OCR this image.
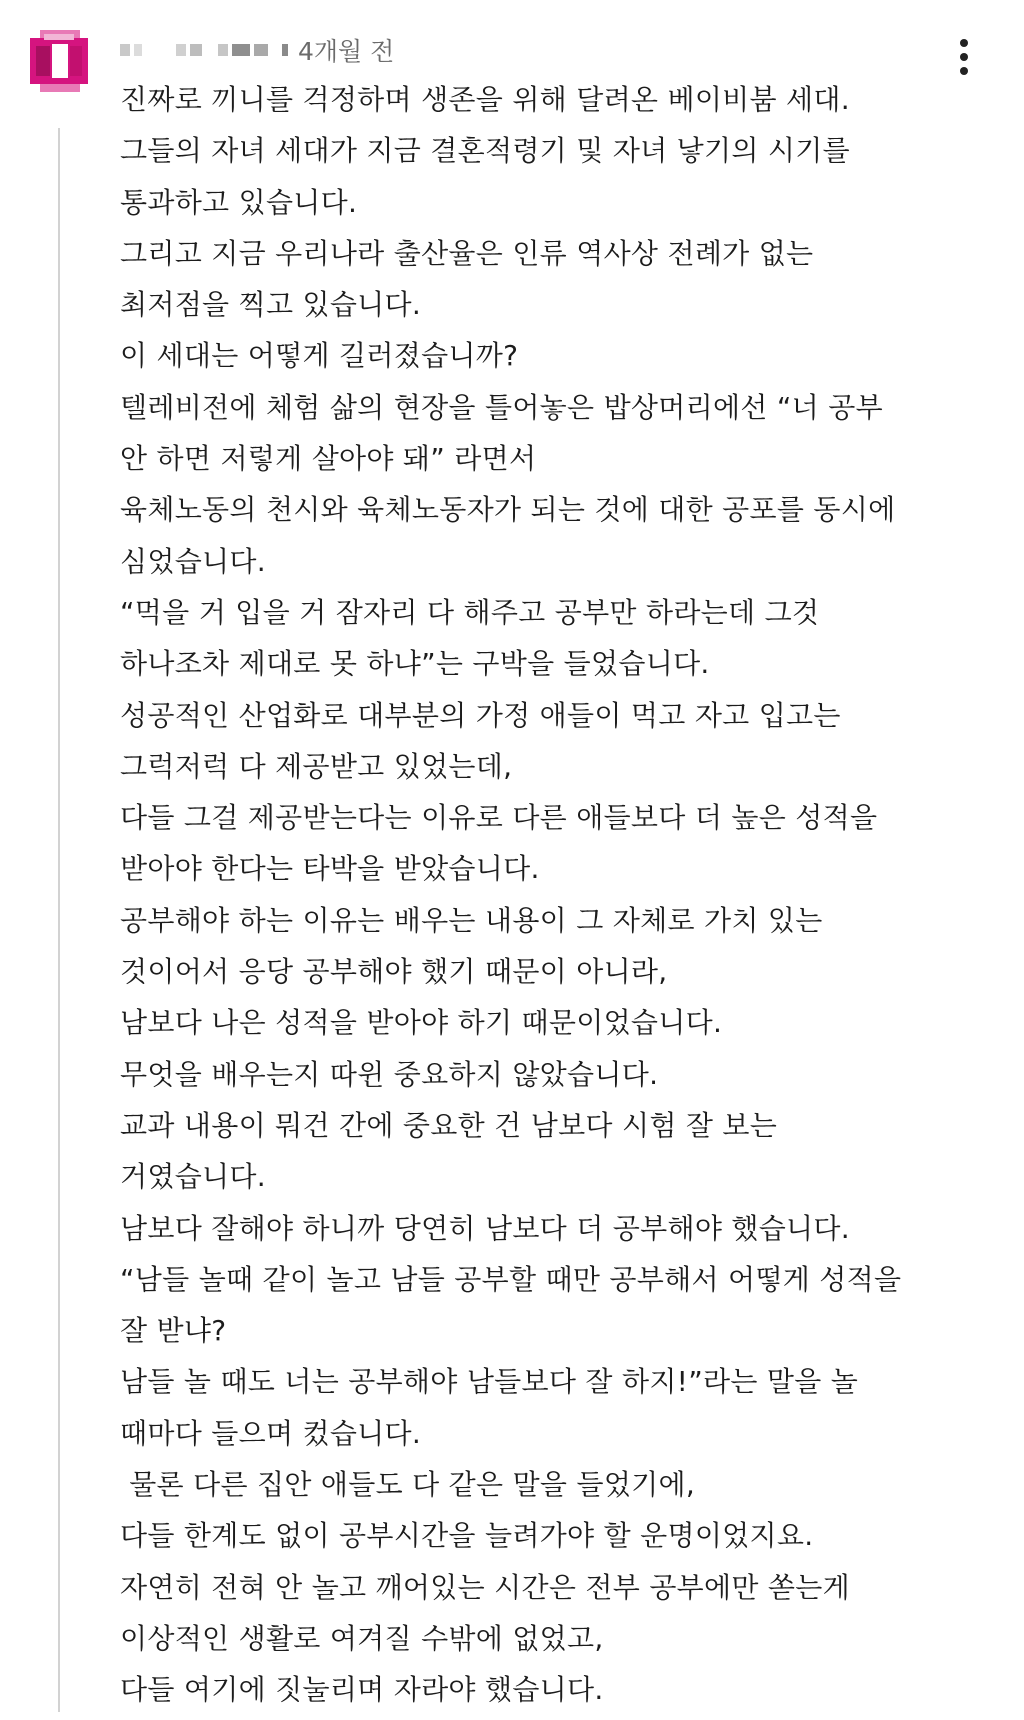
4개월 전
진짜로 끼니를 걱정하며 생존을 위해 달려온 베이비붐 세대.
그들의 자녀 세대가 지금 결혼적령기 및 자녀 낳기의 시기를
통과하고 있습니다.
그리고 지금 우리나라 출산율은 인류 역사상 전례가 없는
최저점을 찍고 있습니다.
이 세대는 어떻게 길러졌습니까?
텔레비전에 체험 삶의 현장을 틀어놓은 밥상머리에선 “너 공부
안 하면 저렇게 살아야 돼” 라면서
육체노동의 천시와 육체노동자가 되는 것에 대한 공포를 동시에
심었습니다.
“먹을 거 입을 거 잠자리 다 해주고 공부만 하라는데 그것
하나조차 제대로 못 하냐”는 구박을 들었습니다.
성공적인 산업화로 대부분의 가정 애들이 먹고 자고 입고는
그럭저럭 다 제공받고 있었는데,
다들 그걸 제공받는다는 이유로 다른 애들보다 더 높은 성적을
받아야 한다는 타박을 받았습니다.
공부해야 하는 이유는 배우는 내용이 그 자체로 가치 있는
것이어서 응당 공부해야 했기 때문이 아니라,
남보다 나은 성적을 받아야 하기 때문이었습니다.
무엇을 배우는지 따윈 중요하지 않았습니다.
교과 내용이 뭐건 간에 중요한 건 남보다 시험 잘 보는
거였습니다.
남보다 잘해야 하니까 당연히 남보다 더 공부해야 했습니다.
“남들 놀때 같이 놀고 남들 공부할 때만 공부해서 어떻게 성적을
잘 받냐?
남들 놀 때도 너는 공부해야 남들보다 잘 하지!”라는 말을 놀
때마다 들으며 컸습니다.
물론 다른 집안 애들도 다 같은 말을 들었기에,
다들 한계도 없이 공부시간을 늘려가야 할 운명이었지요.
자연히 전혀 안 놀고 깨어있는 시간은 전부 공부에만 쏟는게
이상적인 생활로 여겨질 수밖에 없었고,
다들 여기에 짓눌리며 자라야 했습니다.
